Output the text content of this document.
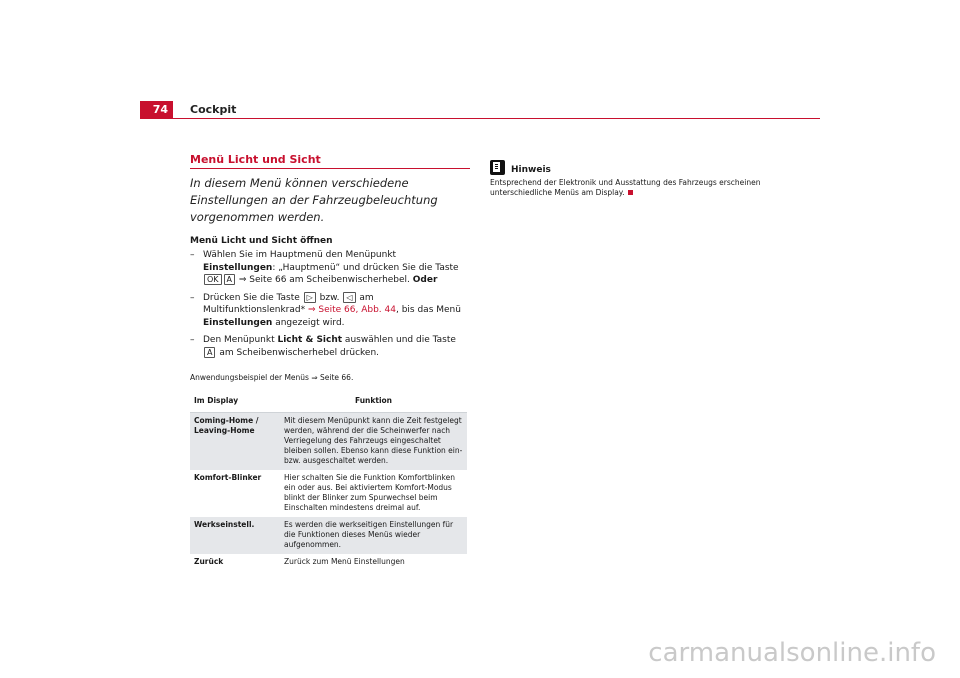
74	Cockpit
Menü Licht und Sicht

In diesem Menü können verschiedene Einstellungen an der Fahrzeugbeleuchtung vorgenommen werden.

Menü Licht und Sicht öffnen

– Wählen Sie im Hauptmenü den Menüpunkt Einstellungen: „Hauptmenü“ und drücken Sie die Taste OK A ⇒ Seite 66 am Scheibenwischerhebel. Oder
– Drücken Sie die Taste ▷ bzw. ◁ am Multifunktionslenkrad* ⇒ Seite 66, Abb. 44, bis das Menü Einstellungen angezeigt wird.
– Den Menüpunkt Licht & Sicht auswählen und die Taste A am Scheibenwischerhebel drücken.

Anwendungsbeispiel der Menüs ⇒ Seite 66.

Im Display	Funktion
Coming-Home / Leaving-Home	Mit diesem Menüpunkt kann die Zeit festgelegt werden, während der die Scheinwerfer nach Verriegelung des Fahrzeugs eingeschaltet bleiben sollen. Ebenso kann diese Funktion ein- bzw. ausgeschaltet werden.
Komfort-Blinker	Hier schalten Sie die Funktion Komfortblinken ein oder aus. Bei aktiviertem Komfort-Modus blinkt der Blinker zum Spurwechsel beim Einschalten mindestens dreimal auf.
Werkseinstell.	Es werden die werkseitigen Einstellungen für die Funktionen dieses Menüs wieder aufgenommen.
Zurück	Zurück zum Menü Einstellungen
Hinweis
Entsprechend der Elektronik und Ausstattung des Fahrzeugs erscheinen unterschiedliche Menüs am Display.
carmanualsonline.info
